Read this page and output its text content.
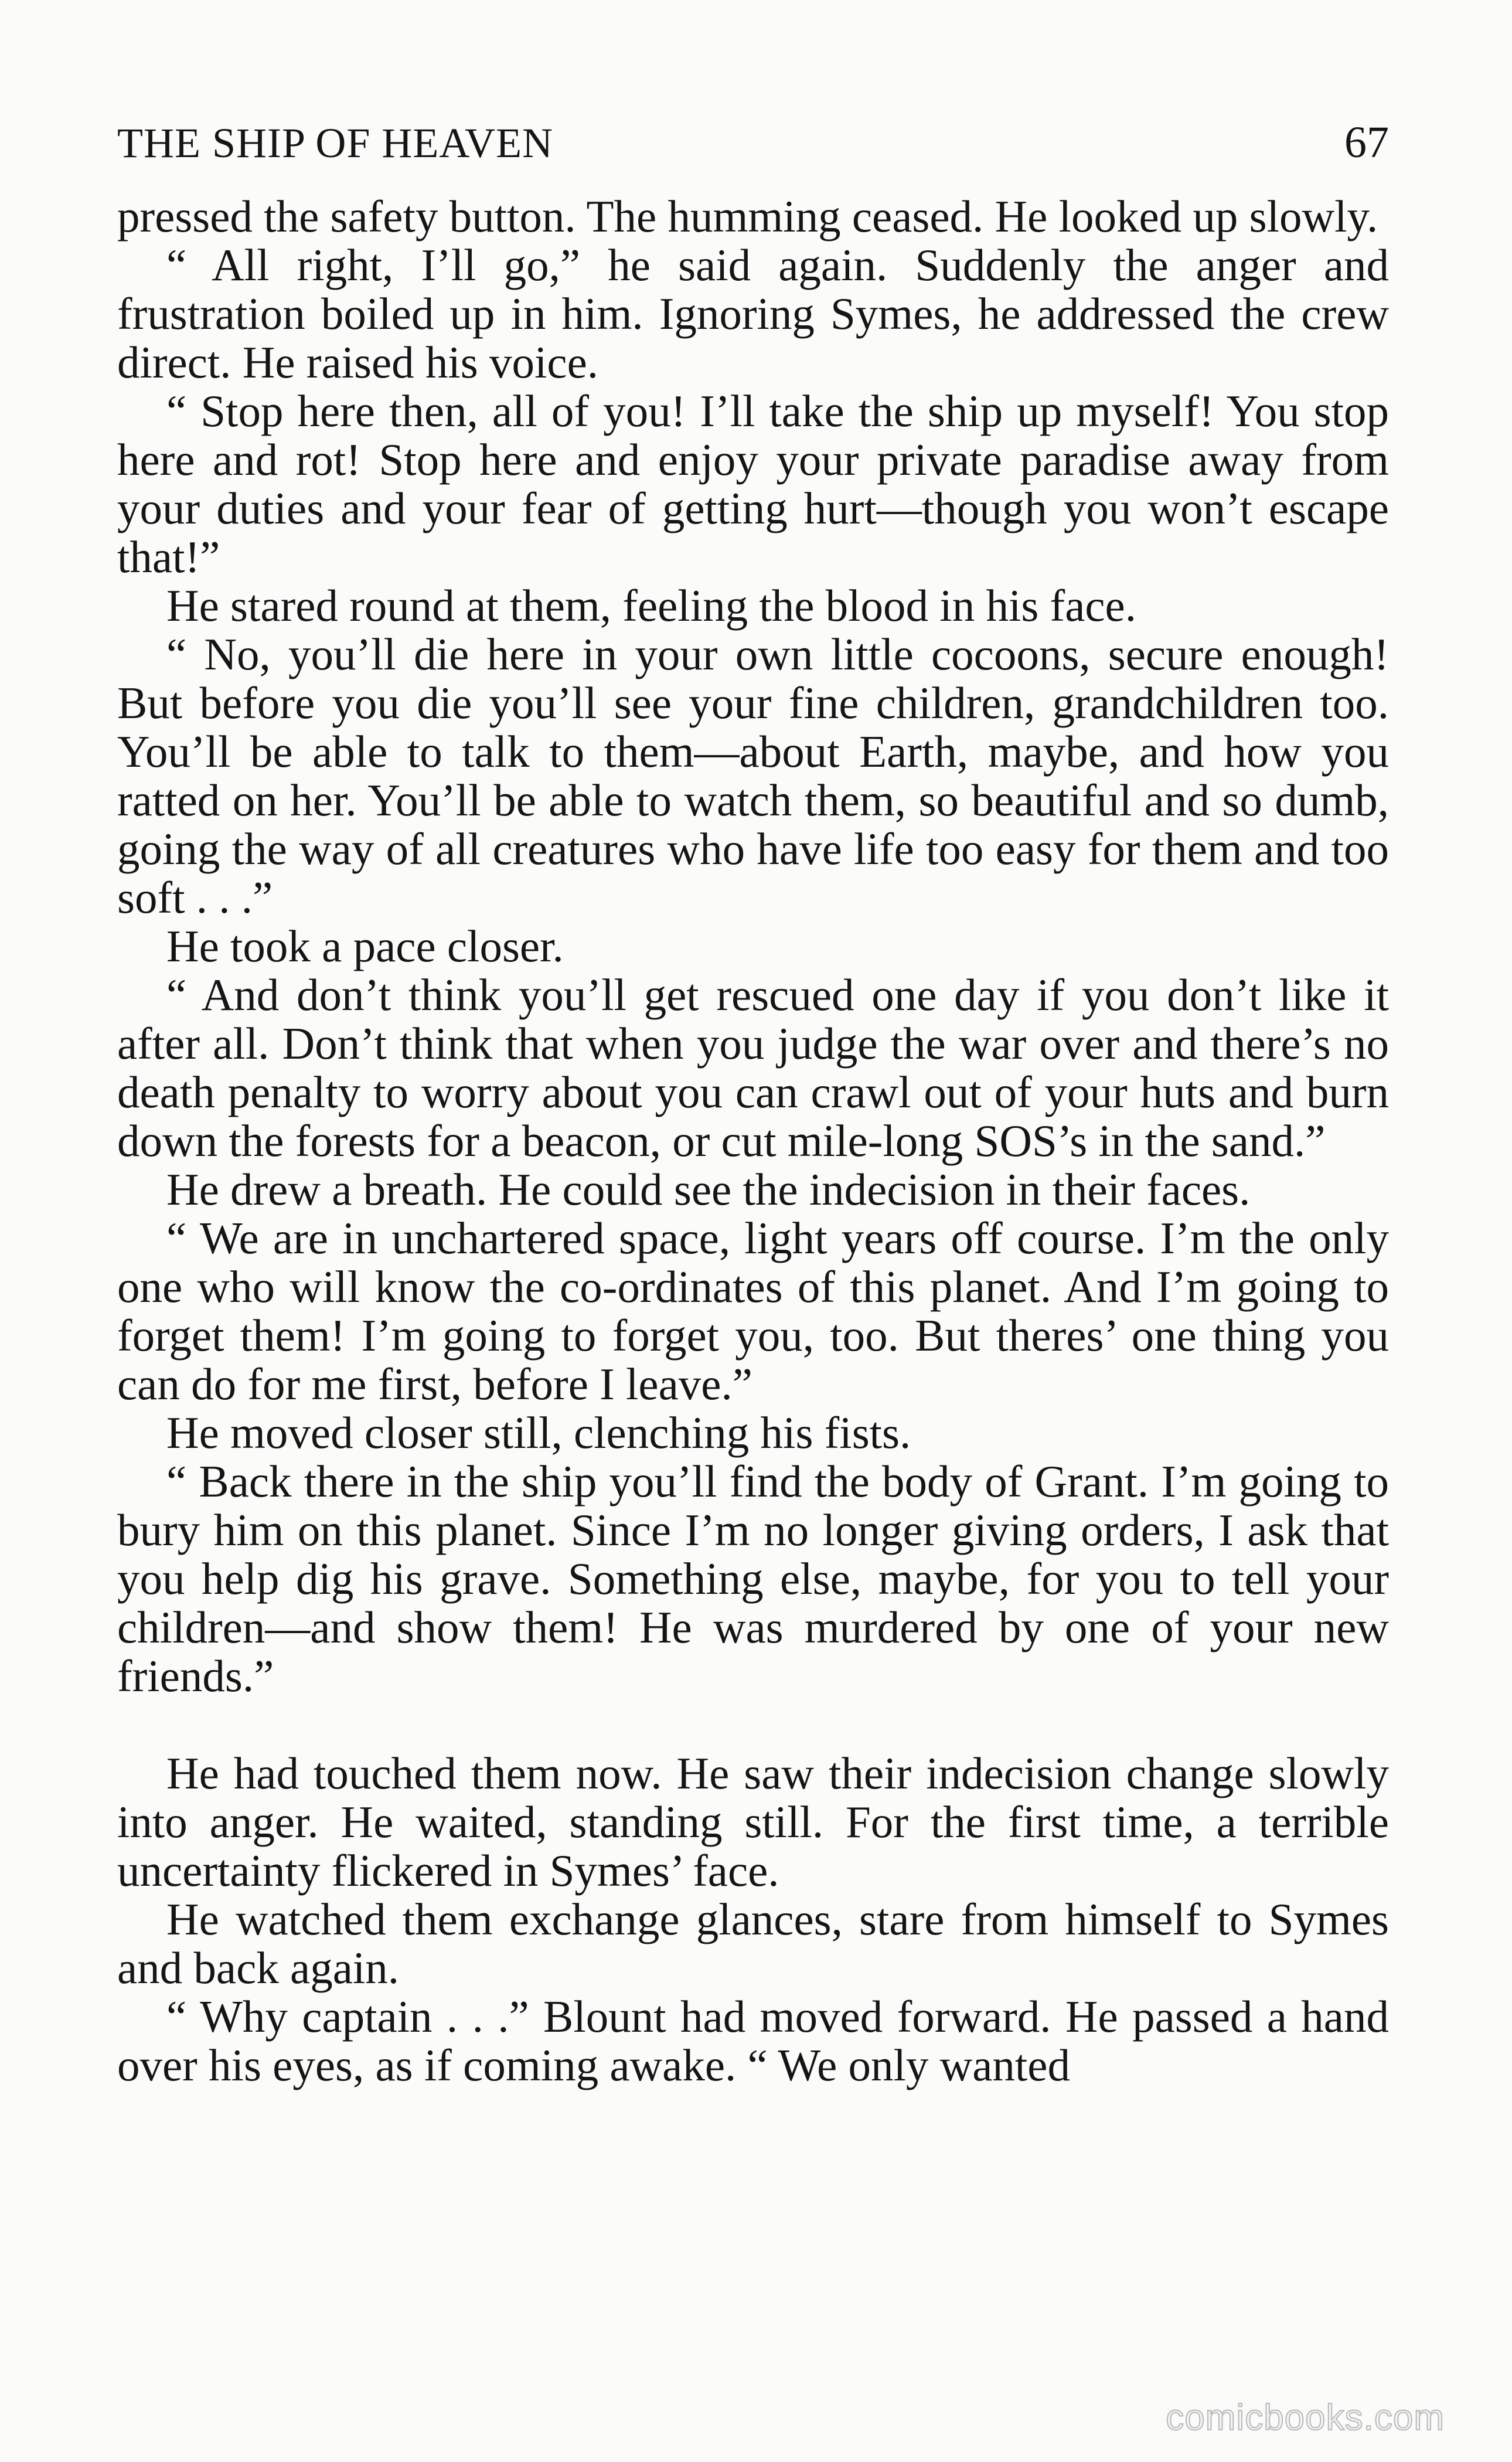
THE SHIP OF HEAVEN	67

pressed the safety button. The humming ceased. He looked up slowly.

“ All right, I’ll go,” he said again. Suddenly the anger and frustration boiled up in him. Ignoring Symes, he addressed the crew direct. He raised his voice.

“ Stop here then, all of you! I’ll take the ship up myself! You stop here and rot! Stop here and enjoy your private paradise away from your duties and your fear of getting hurt—though you won’t escape that!”

He stared round at them, feeling the blood in his face.

“ No, you’ll die here in your own little cocoons, secure enough! But before you die you’ll see your fine children, grandchildren too. You’ll be able to talk to them—about Earth, maybe, and how you ratted on her. You’ll be able to watch them, so beautiful and so dumb, going the way of all creatures who have life too easy for them and too soft . . .”

He took a pace closer.

“ And don’t think you’ll get rescued one day if you don’t like it after all. Don’t think that when you judge the war over and there’s no death penalty to worry about you can crawl out of your huts and burn down the forests for a beacon, or cut mile-long SOS’s in the sand.”

He drew a breath. He could see the indecision in their faces.

“ We are in unchartered space, light years off course. I’m the only one who will know the co-ordinates of this planet. And I’m going to forget them! I’m going to forget you, too. But theres’ one thing you can do for me first, before I leave.”

He moved closer still, clenching his fists.

“ Back there in the ship you’ll find the body of Grant. I’m going to bury him on this planet. Since I’m no longer giving orders, I ask that you help dig his grave. Something else, maybe, for you to tell your children—and show them! He was murdered by one of your new friends.”

He had touched them now. He saw their indecision change slowly into anger. He waited, standing still. For the first time, a terrible uncertainty flickered in Symes’ face.

He watched them exchange glances, stare from himself to Symes and back again.

“ Why captain . . .” Blount had moved forward. He passed a hand over his eyes, as if coming awake. “ We only wanted

comicbooks.com
